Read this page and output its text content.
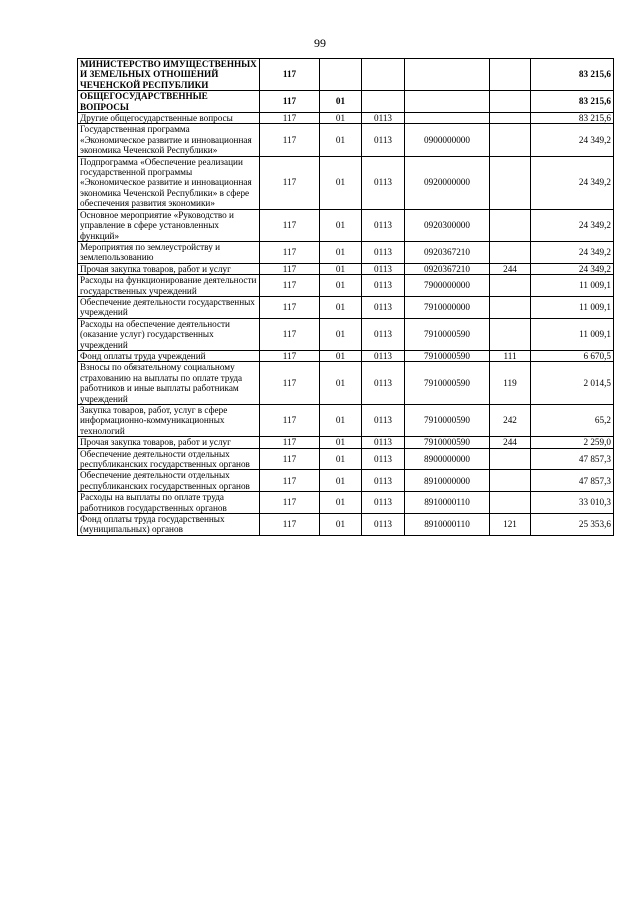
99
МИНИСТЕРСТВО ИМУЩЕСТВЕННЫХ И ЗЕМЕЛЬНЫХ ОТНОШЕНИЙ ЧЕЧЕНСКОЙ РЕСПУБЛИКИ	117					83 215,6
ОБЩЕГОСУДАРСТВЕННЫЕ ВОПРОСЫ	117	01				83 215,6
Другие общегосударственные вопросы	117	01	0113			83 215,6
Государственная программа «Экономическое развитие и инновационная экономика Чеченской Республики»	117	01	0113	0900000000		24 349,2
Подпрограмма «Обеспечение реализации государственной программы «Экономическое развитие и инновационная экономика Чеченской Республики» в сфере обеспечения развития экономики»	117	01	0113	0920000000		24 349,2
Основное мероприятие «Руководство и управление в сфере установленных функций»	117	01	0113	0920300000		24 349,2
Мероприятия по землеустройству и землепользованию	117	01	0113	0920367210		24 349,2
Прочая закупка товаров, работ и услуг	117	01	0113	0920367210	244	24 349,2
Расходы на функционирование деятельности государственных учреждений	117	01	0113	7900000000		11 009,1
Обеспечение деятельности государственных учреждений	117	01	0113	7910000000		11 009,1
Расходы на обеспечение деятельности (оказание услуг) государственных учреждений	117	01	0113	7910000590		11 009,1
Фонд оплаты труда учреждений	117	01	0113	7910000590	111	6 670,5
Взносы по обязательному социальному страхованию на выплаты по оплате труда работников и иные выплаты работникам учреждений	117	01	0113	7910000590	119	2 014,5
Закупка товаров, работ, услуг в сфере информационно-коммуникационных технологий	117	01	0113	7910000590	242	65,2
Прочая закупка товаров, работ и услуг	117	01	0113	7910000590	244	2 259,0
Обеспечение деятельности отдельных республиканских государственных органов	117	01	0113	8900000000		47 857,3
Обеспечение деятельности отдельных республиканских государственных органов	117	01	0113	8910000000		47 857,3
Расходы на выплаты по оплате труда работников государственных органов	117	01	0113	8910000110		33 010,3
Фонд оплаты труда государственных (муниципальных) органов	117	01	0113	8910000110	121	25 353,6
